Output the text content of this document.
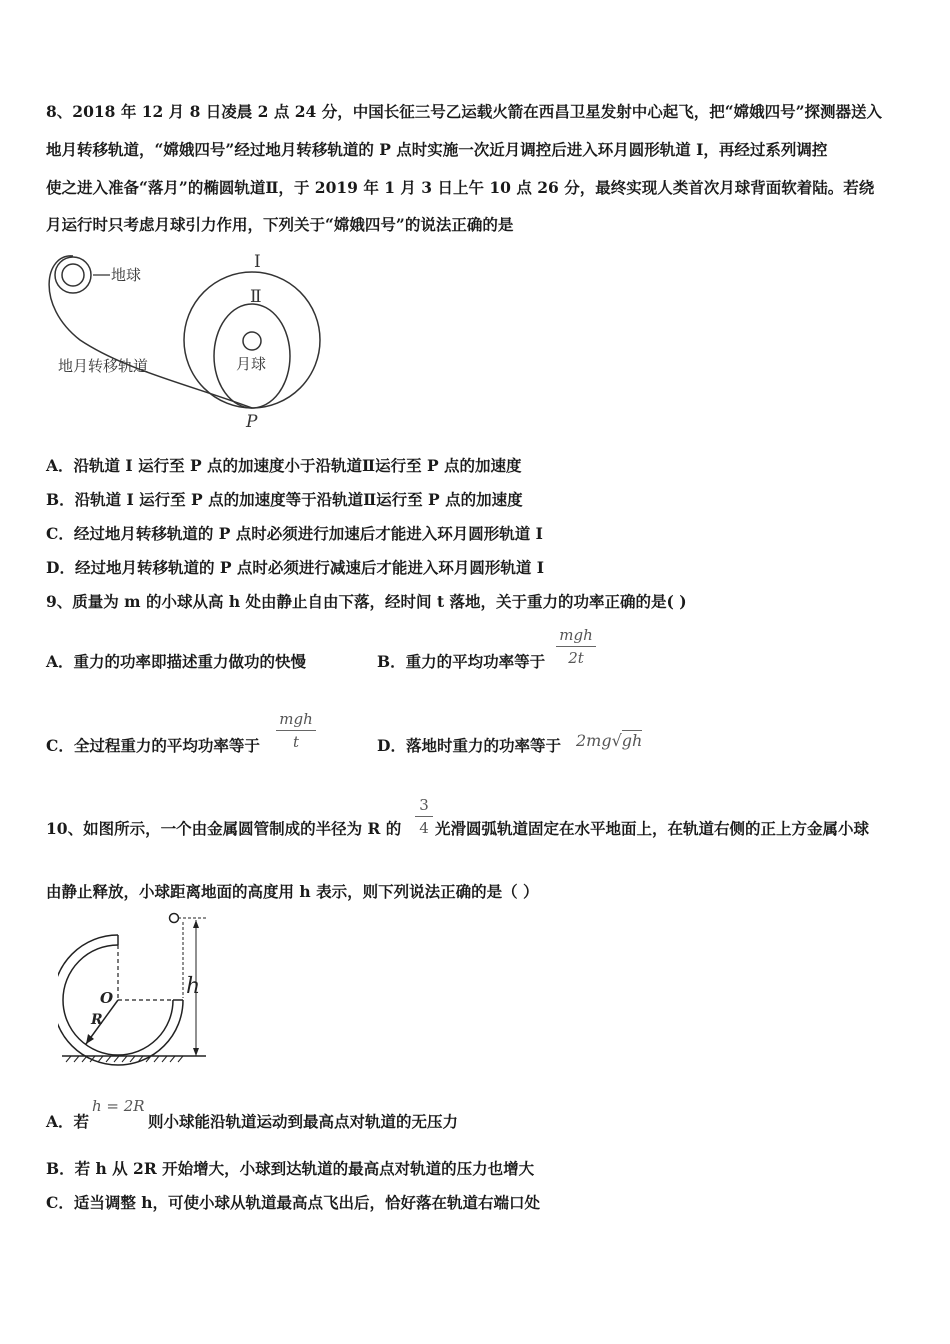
8、2018 年 12 月 8 日凌晨 2 点 24 分，中国长征三号乙运载火箭在西昌卫星发射中心起飞，把“嫦娥四号”探测器送入
地月转移轨道，“嫦娥四号”经过地月转移轨道的 P 点时实施一次近月调控后进入环月圆形轨道 I，再经过系列调控
使之进入准备“落月”的椭圆轨道Ⅱ，于 2019 年 1 月 3 日上午 10 点 26 分，最终实现人类首次月球背面软着陆。若绕
月运行时只考虑月球引力作用，下列关于“嫦娥四号”的说法正确的是
地球
地月转移轨道
I
Ⅱ
月球
P
A．沿轨道 I 运行至 P 点的加速度小于沿轨道Ⅱ运行至 P 点的加速度
B．沿轨道 I 运行至 P 点的加速度等于沿轨道Ⅱ运行至 P 点的加速度
C．经过地月转移轨道的 P 点时必须进行加速后才能进入环月圆形轨道 I
D．经过地月转移轨道的 P 点时必须进行减速后才能进入环月圆形轨道 I
9、质量为 m 的小球从高 h 处由静止自由下落，经时间 t 落地，关于重力的功率正确的是( )
A．重力的功率即描述重力做功的快慢	B．重力的平均功率等于
mgh
2t
C．全过程重力的平均功率等于
mgh
t	D．落地时重力的功率等于 2mg√gh
10、如图所示，一个由金属圆管制成的半径为 R 的
3
4 光滑圆弧轨道固定在水平地面上，在轨道右侧的正上方金属小球
由静止释放，小球距离地面的高度用 h 表示，则下列说法正确的是（ ）
O
R
h
A．若
h = 2R
则小球能沿轨道运动到最高点对轨道的无压力
B．若 h 从 2R 开始增大，小球到达轨道的最高点对轨道的压力也增大
C．适当调整 h，可使小球从轨道最高点飞出后，恰好落在轨道右端口处
